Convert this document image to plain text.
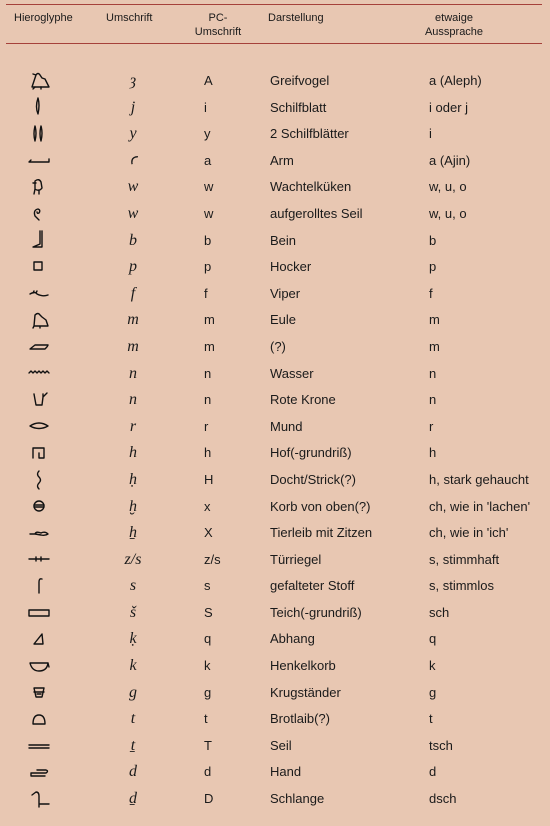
Hieroglyphe	Umschrift	PC-
Umschrift
Darstellung	etwaige
Aussprache
ȝ	A	Greifvogel	a (Aleph)
j	i	Schilfblatt	i oder j
y	y	2 Schilfblätter	i
ꜥ	a	Arm	a (Ajin)
w	w	Wachtelküken	w, u, o
w	w	aufgerolltes Seil	w, u, o
b	b	Bein	b
p	p	Hocker	p
f	f	Viper	f
m	m	Eule	m
m	m	(?)	m
n	n	Wasser	n
n	n	Rote Krone	n
r	r	Mund	r
h	h	Hof(-grundriß)	h
ḥ	H	Docht/Strick(?)	h, stark gehaucht
ḫ	x	Korb von oben(?)	ch, wie in 'lachen'
ẖ	X	Tierleib mit Zitzen	ch, wie in 'ich'
z/s	z/s	Türriegel	s, stimmhaft
s	s	gefalteter Stoff	s, stimmlos
š	S	Teich(-grundriß)	sch
ḳ	q	Abhang	q
k	k	Henkelkorb	k
g	g	Krugständer	g
t	t	Brotlaib(?)	t
ṯ	T	Seil	tsch
d	d	Hand	d
ḏ	D	Schlange	dsch
